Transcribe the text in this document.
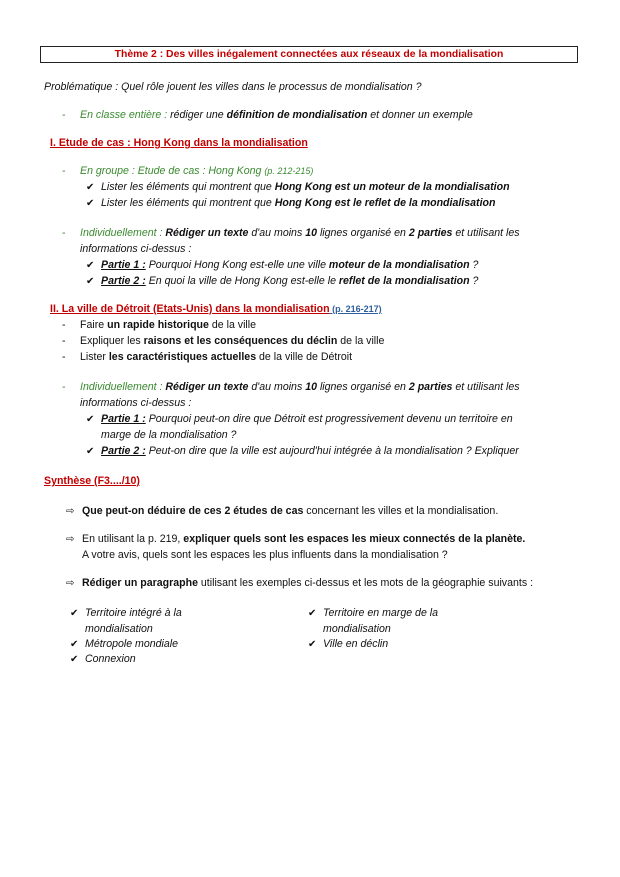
Thème 2 : Des villes inégalement connectées aux réseaux de la mondialisation
Problématique : Quel rôle jouent les villes dans le processus de mondialisation ?
- En classe entière : rédiger une définition de mondialisation et donner un exemple
I. Etude de cas : Hong Kong dans la mondialisation
- En groupe : Etude de cas : Hong Kong (p. 212-215)
✔ Lister les éléments qui montrent que Hong Kong est un moteur de la mondialisation
✔ Lister les éléments qui montrent que Hong Kong est le reflet de la mondialisation
- Individuellement : Rédiger un texte d'au moins 10 lignes organisé en 2 parties et utilisant les
informations ci-dessus :
✔ Partie 1 : Pourquoi Hong Kong est-elle une ville moteur de la mondialisation ?
✔ Partie 2 : En quoi la ville de Hong Kong est-elle le reflet de la mondialisation ?
II. La ville de Détroit (Etats-Unis) dans la mondialisation (p. 216-217)
- Faire un rapide historique de la ville
- Expliquer les raisons et les conséquences du déclin de la ville
- Lister les caractéristiques actuelles de la ville de Détroit
- Individuellement : Rédiger un texte d'au moins 10 lignes organisé en 2 parties et utilisant les
informations ci-dessus :
✔ Partie 1 : Pourquoi peut-on dire que Détroit est progressivement devenu un territoire en
marge de la mondialisation ?
✔ Partie 2 : Peut-on dire que la ville est aujourd'hui intégrée à la mondialisation ? Expliquer
Synthèse (F3..../10)
⇨ Que peut-on déduire de ces 2 études de cas concernant les villes et la mondialisation.
⇨ En utilisant la p. 219, expliquer quels sont les espaces les mieux connectés de la planète.
A votre avis, quels sont les espaces les plus influents dans la mondialisation ?
⇨ Rédiger un paragraphe utilisant les exemples ci-dessus et les mots de la géographie suivants :
✔ Territoire intégré à la
mondialisation
✔ Métropole mondiale
✔ Connexion
✔ Territoire en marge de la
mondialisation
✔ Ville en déclin
